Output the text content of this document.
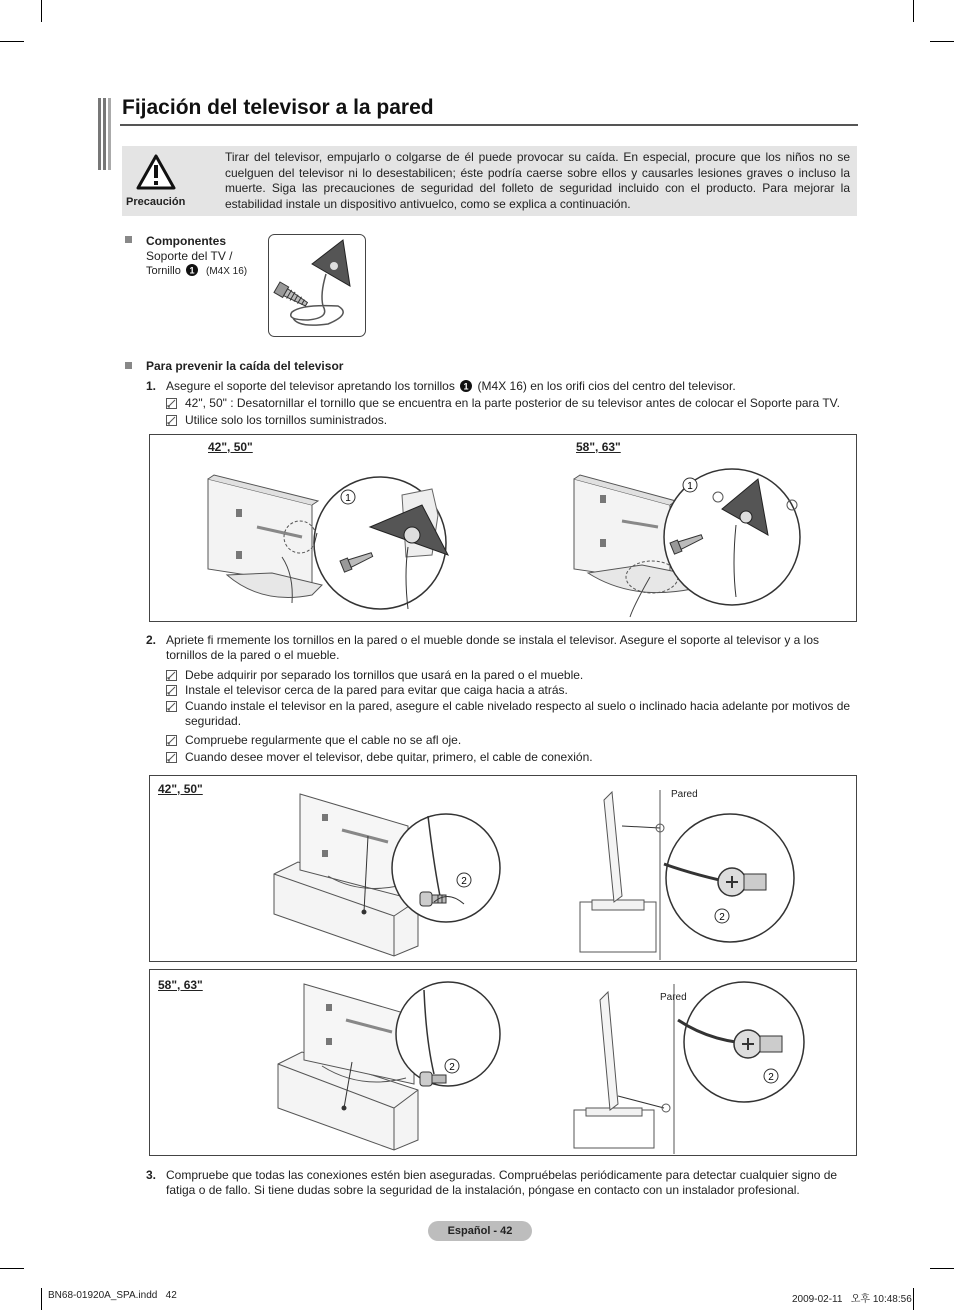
Fijación del televisor a la pared
Precaución

Tirar del televisor, empujarlo o colgarse de él puede provocar su caída. En especial, procure que los niños no se cuelguen del televisor ni lo desestabilicen; éste podría caerse sobre ellos y causarles lesiones graves o incluso la muerte. Siga las precauciones de seguridad del folleto de seguridad incluido con el producto. Para mejorar la estabilidad instale un dispositivo antivuelco, como se explica a continuación.

Componentes
Soporte del TV /
Tornillo 1 (M4X 16)
Para prevenir la caída del televisor
1. Asegure el soporte del televisor apretando los tornillos 1 (M4X 16) en los orifi cios del centro del televisor.
42", 50" : Desatornillar el tornillo que se encuentra en la parte posterior de su televisor antes de colocar el Soporte para TV.
Utilice solo los tornillos suministrados.
42", 50"	58", 63"
1
1
2. Apriete fi rmemente los tornillos en la pared o el mueble donde se instala el televisor. Asegure el soporte al televisor y a los tornillos de la pared o el mueble.

Debe adquirir por separado los tornillos que usará en la pared o el mueble.
Instale el televisor cerca de la pared para evitar que caiga hacia a atrás.

Cuando instale el televisor en la pared, asegure el cable nivelado respecto al suelo o inclinado hacia adelante por motivos de seguridad.

Compruebe regularmente que el cable no se afl oje.
Cuando desee mover el televisor, debe quitar, primero, el cable de conexión.
42", 50"	Pared
2
2
58", 63"
Pared
2
2
3. Compruebe que todas las conexiones estén bien aseguradas. Compruébelas periódicamente para detectar cualquier signo de fatiga o de fallo. Si tiene dudas sobre la seguridad de la instalación, póngase en contacto con un instalador profesional.

Español - 42
BN68-01920A_SPA.indd   42	2009-02-11   오후 10:48:56
